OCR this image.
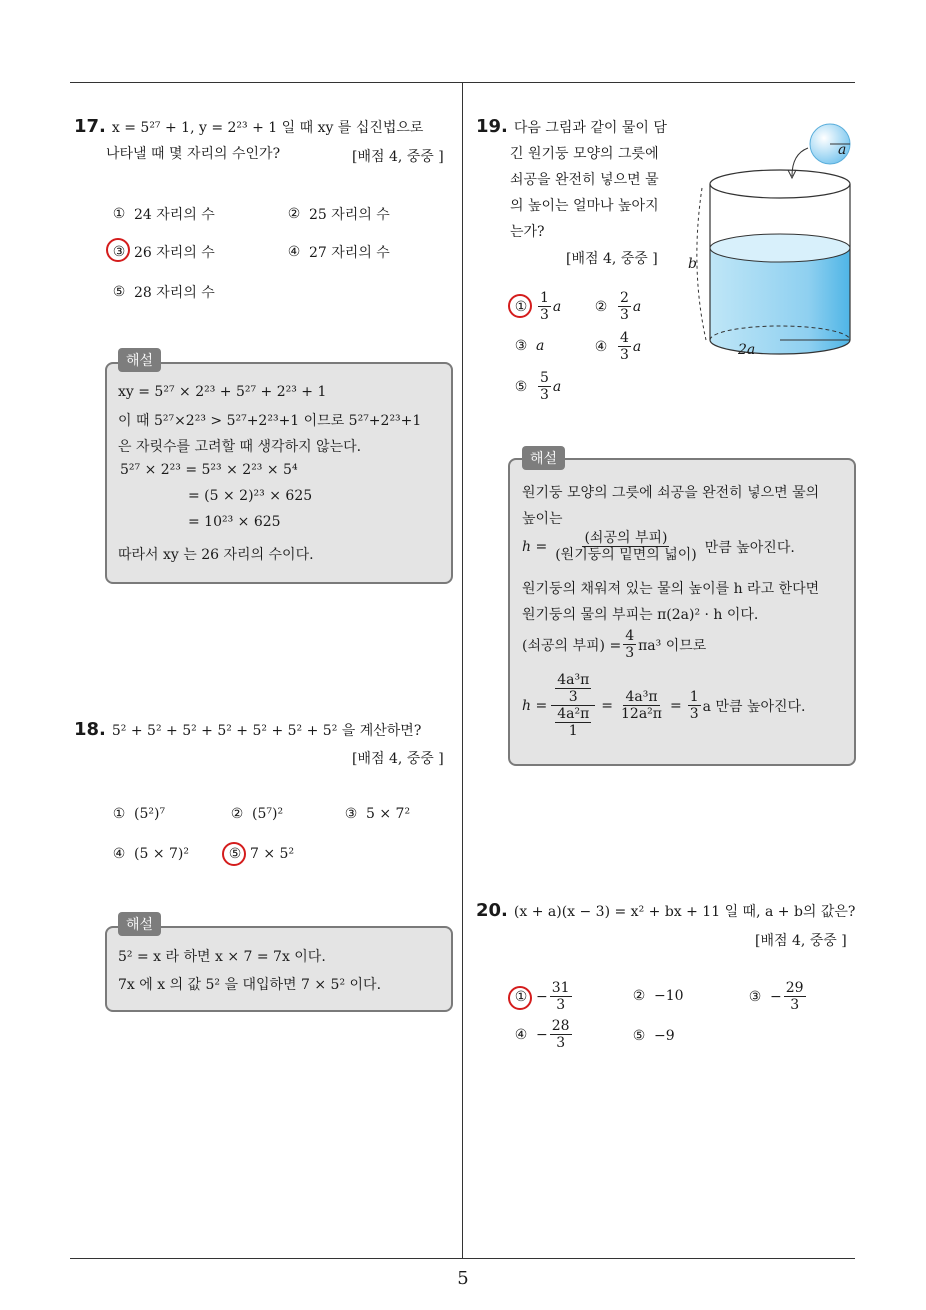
5
17. x = 5²⁷ + 1, y = 2²³ + 1 일 때 xy 를 십진법으로
나타낼 때 몇 자리의 수인가?	[배점 4, 중중 ]
① 24 자리의 수	② 25 자리의 수
③ 26 자리의 수	④ 27 자리의 수
⑤ 28 자리의 수
해설
xy = 5²⁷ × 2²³ + 5²⁷ + 2²³ + 1
이 때 5²⁷×2²³ > 5²⁷+2²³+1 이므로 5²⁷+2²³+1
은 자릿수를 고려할 때 생각하지 않는다.
5²⁷ × 2²³ = 5²³ × 2²³ × 5⁴
= (5 × 2)²³ × 625
= 10²³ × 625
따라서 xy 는 26 자리의 수이다.
18. 5² + 5² + 5² + 5² + 5² + 5² + 5² 을 계산하면?
[배점 4, 중중 ]
① (5²)⁷	② (5⁷)²	③ 5 × 7²
④ (5 × 7)²	⑤ 7 × 5²
해설
5² = x 라 하면 x × 7 = 7x 이다.
7x 에 x 의 값 5² 을 대입하면 7 × 5² 이다.
19. 다음 그림과 같이 물이 담
긴 원기둥 모양의 그릇에
쇠공을 완전히 넣으면 물
의 높이는 얼마나 높아지
는가?
[배점 4, 중중 ]
① $\frac{1}{3}$ a ② $\frac{2}{3}$ a
③ a	④ $\frac{4}{3}$ a
⑤ $\frac{5}{3}$ a
a
b
2a
해설
원기둥 모양의 그릇에 쇠공을 완전히 넣으면 물의
높이는
$h = \frac{\text{(쇠공의 부피)}}{\text{(원기둥의 밑면의 넓이)}}$ 만큼 높아진다.
원기둥의 채워져 있는 물의 높이를 h 라고 한다면
원기둥의 물의 부피는 π(2a)² · h 이다.
(쇠공의 부피) = $\frac{4}{3} \pi a^3$ 이므로
$h = \frac{\frac{\text{4a³π}}{3}}{\frac{\text{4a²π}}{1}} = \frac{\text{4a³π}}{\text{12a²π}} = \frac{1}{3}$ a 만큼 높아진다.
20. (x + a)(x − 3) = x² + bx + 11 일 때, a + b의 값은?
[배점 4, 중중 ]
① − $\frac{31}{3}$	② −10	③ − $\frac{29}{3}$
④ − $\frac{28}{3}$	⑤ −9
